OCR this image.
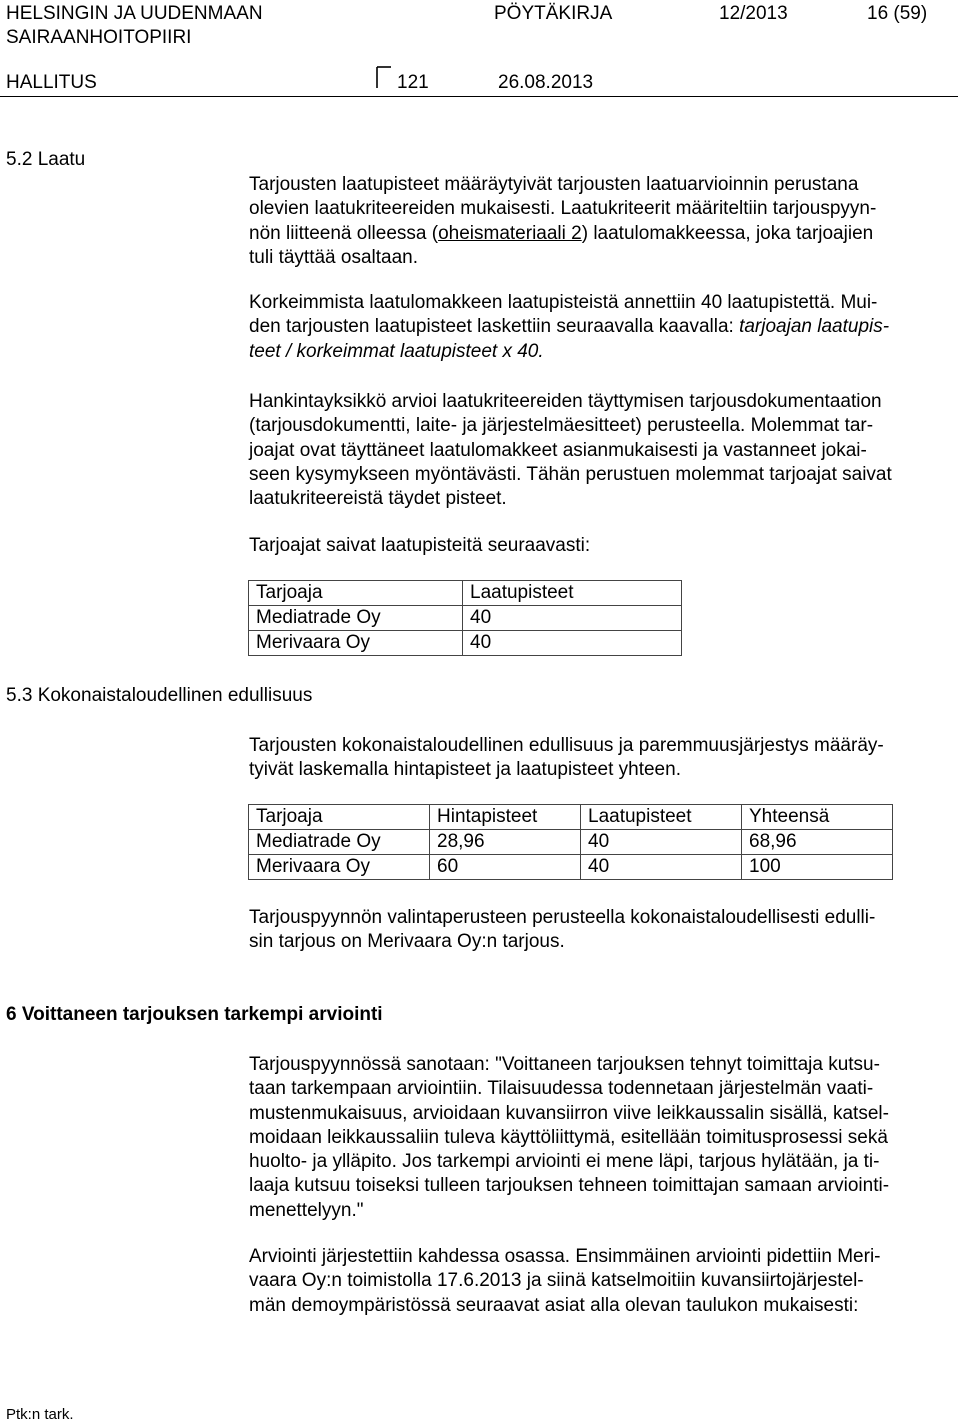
HELSINGIN JA UUDENMAAN
SAIRAANHOITOPIIRI
PÖYTÄKIRJA	12/2013	16 (59)
HALLITUS	121	26.08.2013
5.2 Laatu
Tarjousten laatupisteet määräytyivät tarjousten laatuarvioinnin perustana
olevien laatukriteereiden mukaisesti. Laatukriteerit määriteltiin tarjouspyyn-
nön liitteenä olleessa (oheismateriaali 2) laatulomakkeessa, joka tarjoajien
tuli täyttää osaltaan.
Korkeimmista laatulomakkeen laatupisteistä annettiin 40 laatupistettä. Mui-
den tarjousten laatupisteet laskettiin seuraavalla kaavalla: tarjoajan laatupis-
teet / korkeimmat laatupisteet x 40.
Hankintayksikkö arvioi laatukriteereiden täyttymisen tarjousdokumentaation
(tarjousdokumentti, laite- ja järjestelmäesitteet) perusteella. Molemmat tar-
joajat ovat täyttäneet laatulomakkeet asianmukaisesti ja vastanneet jokai-
seen kysymykseen myöntävästi. Tähän perustuen molemmat tarjoajat saivat
laatukriteereistä täydet pisteet.
Tarjoajat saivat laatupisteitä seuraavasti:
Tarjoaja	Laatupisteet
Mediatrade Oy	40
Merivaara Oy	40
5.3 Kokonaistaloudellinen edullisuus
Tarjousten kokonaistaloudellinen edullisuus ja paremmuusjärjestys määräy-
tyivät laskemalla hintapisteet ja laatupisteet yhteen.
Tarjoaja	Hintapisteet	Laatupisteet	Yhteensä
Mediatrade Oy	28,96	40	68,96
Merivaara Oy	60	40	100
Tarjouspyynnön valintaperusteen perusteella kokonaistaloudellisesti edulli-
sin tarjous on Merivaara Oy:n tarjous.
6 Voittaneen tarjouksen tarkempi arviointi
Tarjouspyynnössä sanotaan: "Voittaneen tarjouksen tehnyt toimittaja kutsu-
taan tarkempaan arviointiin. Tilaisuudessa todennetaan järjestelmän vaati-
mustenmukaisuus, arvioidaan kuvansiirron viive leikkaussalin sisällä, katsel-
moidaan leikkaussaliin tuleva käyttöliittymä, esitellään toimitusprosessi sekä
huolto- ja ylläpito. Jos tarkempi arviointi ei mene läpi, tarjous hylätään, ja ti-
laaja kutsuu toiseksi tulleen tarjouksen tehneen toimittajan samaan arviointi-
menettelyyn."
Arviointi järjestettiin kahdessa osassa. Ensimmäinen arviointi pidettiin Meri-
vaara Oy:n toimistolla 17.6.2013 ja siinä katselmoitiin kuvansiirtojärjestel-
män demoympäristössä seuraavat asiat alla olevan taulukon mukaisesti:
Ptk:n tark.
